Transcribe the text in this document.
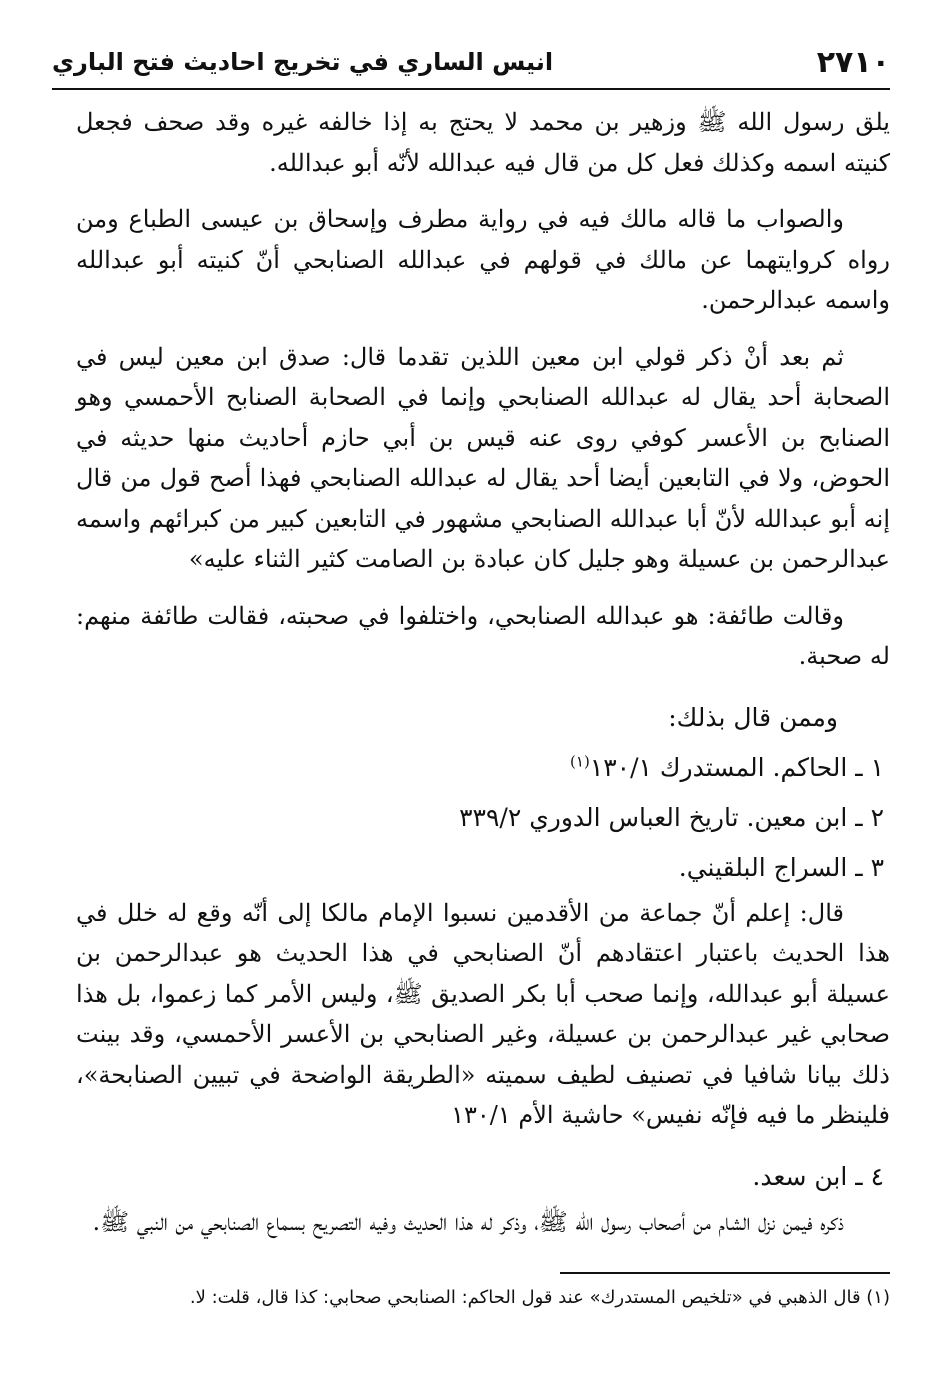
٢٧١٠
انيس الساري في تخريج احاديث فتح الباري

يلق رسول الله ﷺ وزهير بن محمد لا يحتج به إذا خالفه غيره وقد صحف فجعل كنيته اسمه وكذلك فعل كل من قال فيه عبدالله لأنّه أبو عبدالله.

والصواب ما قاله مالك فيه في رواية مطرف وإسحاق بن عيسى الطباع ومن رواه كروايتهما عن مالك في قولهم في عبدالله الصنابحي أنّ كنيته أبو عبدالله واسمه عبدالرحمن.

ثم بعد أنْ ذكر قولي ابن معين اللذين تقدما قال: صدق ابن معين ليس في الصحابة أحد يقال له عبدالله الصنابحي وإنما في الصحابة الصنابح الأحمسي وهو الصنابح بن الأعسر كوفي روى عنه قيس بن أبي حازم أحاديث منها حديثه في الحوض، ولا في التابعين أيضا أحد يقال له عبدالله الصنابحي فهذا أصح قول من قال إنه أبو عبدالله لأنّ أبا عبدالله الصنابحي مشهور في التابعين كبير من كبرائهم واسمه عبدالرحمن بن عسيلة وهو جليل كان عبادة بن الصامت كثير الثناء عليه»

وقالت طائفة: هو عبدالله الصنابحي، واختلفوا في صحبته، فقالت طائفة منهم: له صحبة.

وممن قال بذلك:

١ ـ الحاكم. المستدرك ١٣٠/١$^{(١)}$

٢ ـ ابن معين. تاريخ العباس الدوري ٣٣٩/٢

٣ ـ السراج البلقيني.

قال: إعلم أنّ جماعة من الأقدمين نسبوا الإمام مالكا إلى أنّه وقع له خلل في هذا الحديث باعتبار اعتقادهم أنّ الصنابحي في هذا الحديث هو عبدالرحمن بن عسيلة أبو عبدالله، وإنما صحب أبا بكر الصديق ﷺ، وليس الأمر كما زعموا، بل هذا صحابي غير عبدالرحمن بن عسيلة، وغير الصنابحي بن الأعسر الأحمسي، وقد بينت ذلك بيانا شافيا في تصنيف لطيف سميته «الطريقة الواضحة في تبيين الصنابحة»، فلينظر ما فيه فإنّه نفيس» حاشية الأم ١٣٠/١

٤ ـ ابن سعد.

ذكره فيمن نزل الشام من أصحاب رسول الله ﷺ، وذكر له هذا الحديث وفيه التصريح بسماع الصنابحي من النبي ﷺ.

(١) قال الذهبي في «تلخيص المستدرك» عند قول الحاكم: الصنابحي صحابي: كذا قال، قلت: لا.
